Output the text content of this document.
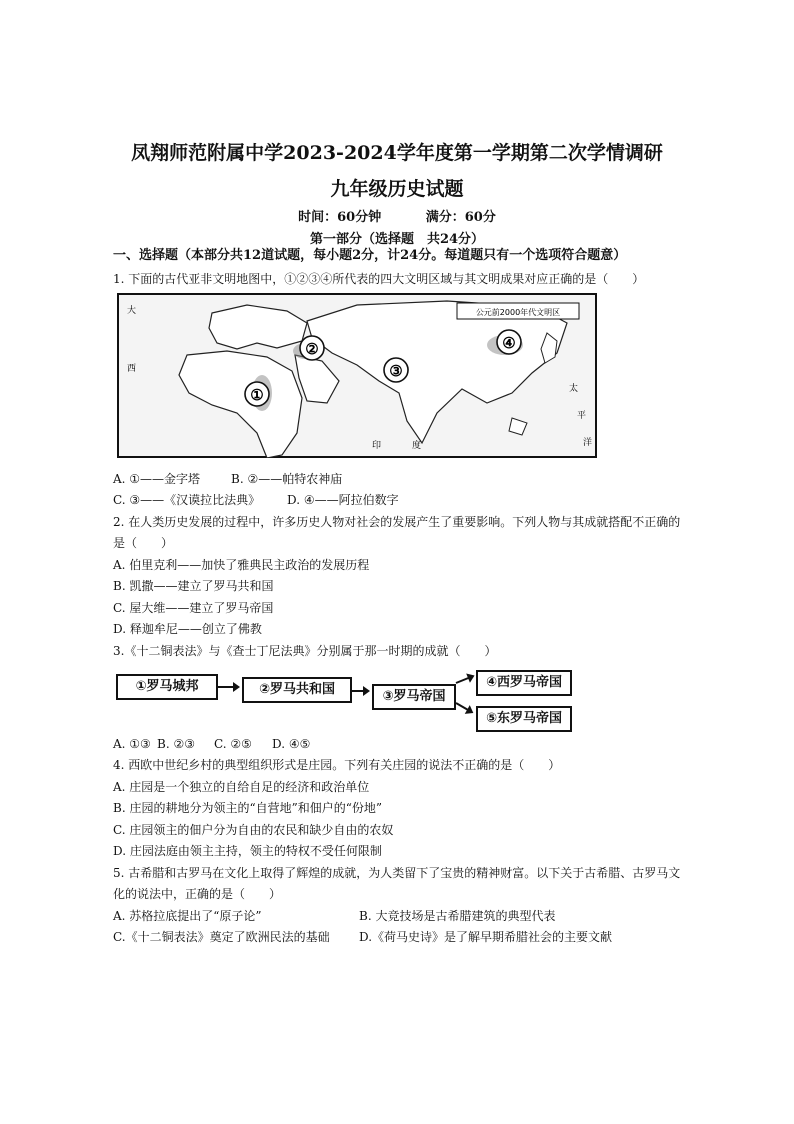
凤翔师范附属中学2023-2024学年度第一学期第二次学情调研
九年级历史试题
时间：60分钟	满分：60分
第一部分（选择题　共24分）
一、选择题（本部分共12道试题，每小题2分，计24分。每道题只有一个选项符合题意）
1. 下面的古代亚非文明地图中，①②③④所代表的四大文明区域与其文明成果对应正确的是（　　）
公元前2000年代文明区
①
②
③
④
大
西
太
平
洋
印	度
A. ①——金字塔	B. ②——帕特农神庙
C. ③——《汉谟拉比法典》 D. ④——阿拉伯数字
2. 在人类历史发展的过程中，许多历史人物对社会的发展产生了重要影响。下列人物与其成就搭配不正确的
是（　　）
A. 伯里克利——加快了雅典民主政治的发展历程
B. 凯撒——建立了罗马共和国
C. 屋大维——建立了罗马帝国
D. 释迦牟尼——创立了佛教
3.《十二铜表法》与《查士丁尼法典》分别属于那一时期的成就（　　）
①罗马城邦	②罗马共和国	③罗马帝国
④西罗马帝国
⑤东罗马帝国
A. ①③ B. ②③ C. ②⑤ D. ④⑤
4. 西欧中世纪乡村的典型组织形式是庄园。下列有关庄园的说法不正确的是（　　）
A. 庄园是一个独立的自给自足的经济和政治单位
B. 庄园的耕地分为领主的“自营地”和佃户的“份地”
C. 庄园领主的佃户分为自由的农民和缺少自由的农奴
D. 庄园法庭由领主主持，领主的特权不受任何限制
5. 古希腊和古罗马在文化上取得了辉煌的成就，为人类留下了宝贵的精神财富。以下关于古希腊、古罗马文
化的说法中，正确的是（　　）
A. 苏格拉底提出了“原子论”	B. 大竞技场是古希腊建筑的典型代表
C.《十二铜表法》奠定了欧洲民法的基础 D.《荷马史诗》是了解早期希腊社会的主要文献
